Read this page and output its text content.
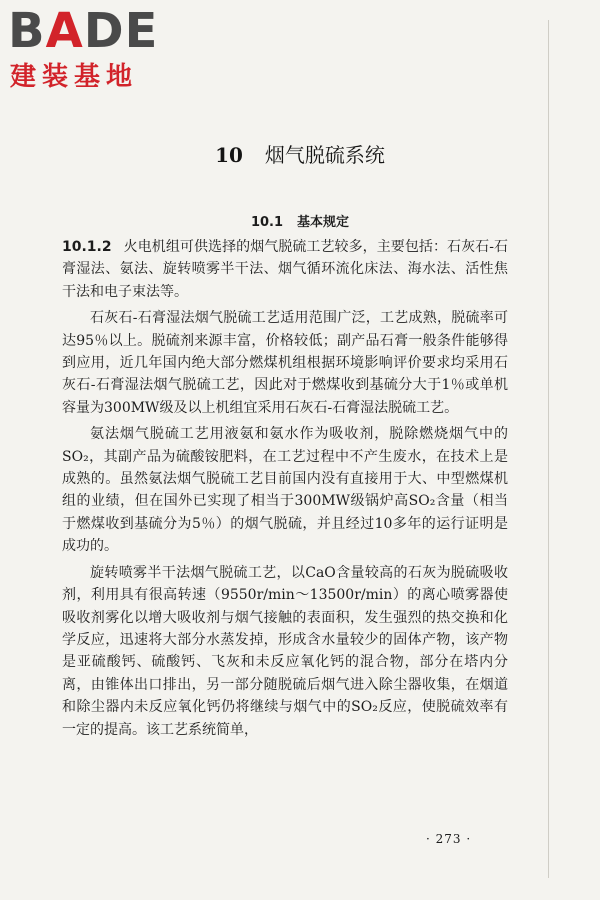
BADE
建装基地
10 烟气脱硫系统
10.1 基本规定

10.1.2 火电机组可供选择的烟气脱硫工艺较多，主要包括：石灰石-石膏湿法、氨法、旋转喷雾半干法、烟气循环流化床法、海水法、活性焦干法和电子束法等。

石灰石-石膏湿法烟气脱硫工艺适用范围广泛，工艺成熟，脱硫率可达95％以上。脱硫剂来源丰富，价格较低；副产品石膏一般条件能够得到应用，近几年国内绝大部分燃煤机组根据环境影响评价要求均采用石灰石-石膏湿法烟气脱硫工艺，因此对于燃煤收到基硫分大于1％或单机容量为300MW级及以上机组宜采用石灰石-石膏湿法脱硫工艺。

氨法烟气脱硫工艺用液氨和氨水作为吸收剂，脱除燃烧烟气中的SO₂，其副产品为硫酸铵肥料，在工艺过程中不产生废水，在技术上是成熟的。虽然氨法烟气脱硫工艺目前国内没有直接用于大、中型燃煤机组的业绩，但在国外已实现了相当于300MW级锅炉高SO₂含量（相当于燃煤收到基硫分为5％）的烟气脱硫，并且经过10多年的运行证明是成功的。

旋转喷雾半干法烟气脱硫工艺，以CaO含量较高的石灰为脱硫吸收剂，利用具有很高转速（9550r/min～13500r/min）的离心喷雾器使吸收剂雾化以增大吸收剂与烟气接触的表面积，发生强烈的热交换和化学反应，迅速将大部分水蒸发掉，形成含水量较少的固体产物，该产物是亚硫酸钙、硫酸钙、飞灰和未反应氧化钙的混合物，部分在塔内分离，由锥体出口排出，另一部分随脱硫后烟气进入除尘器收集，在烟道和除尘器内未反应氧化钙仍将继续与烟气中的SO₂反应，使脱硫效率有一定的提高。该工艺系统简单，

· 273 ·
